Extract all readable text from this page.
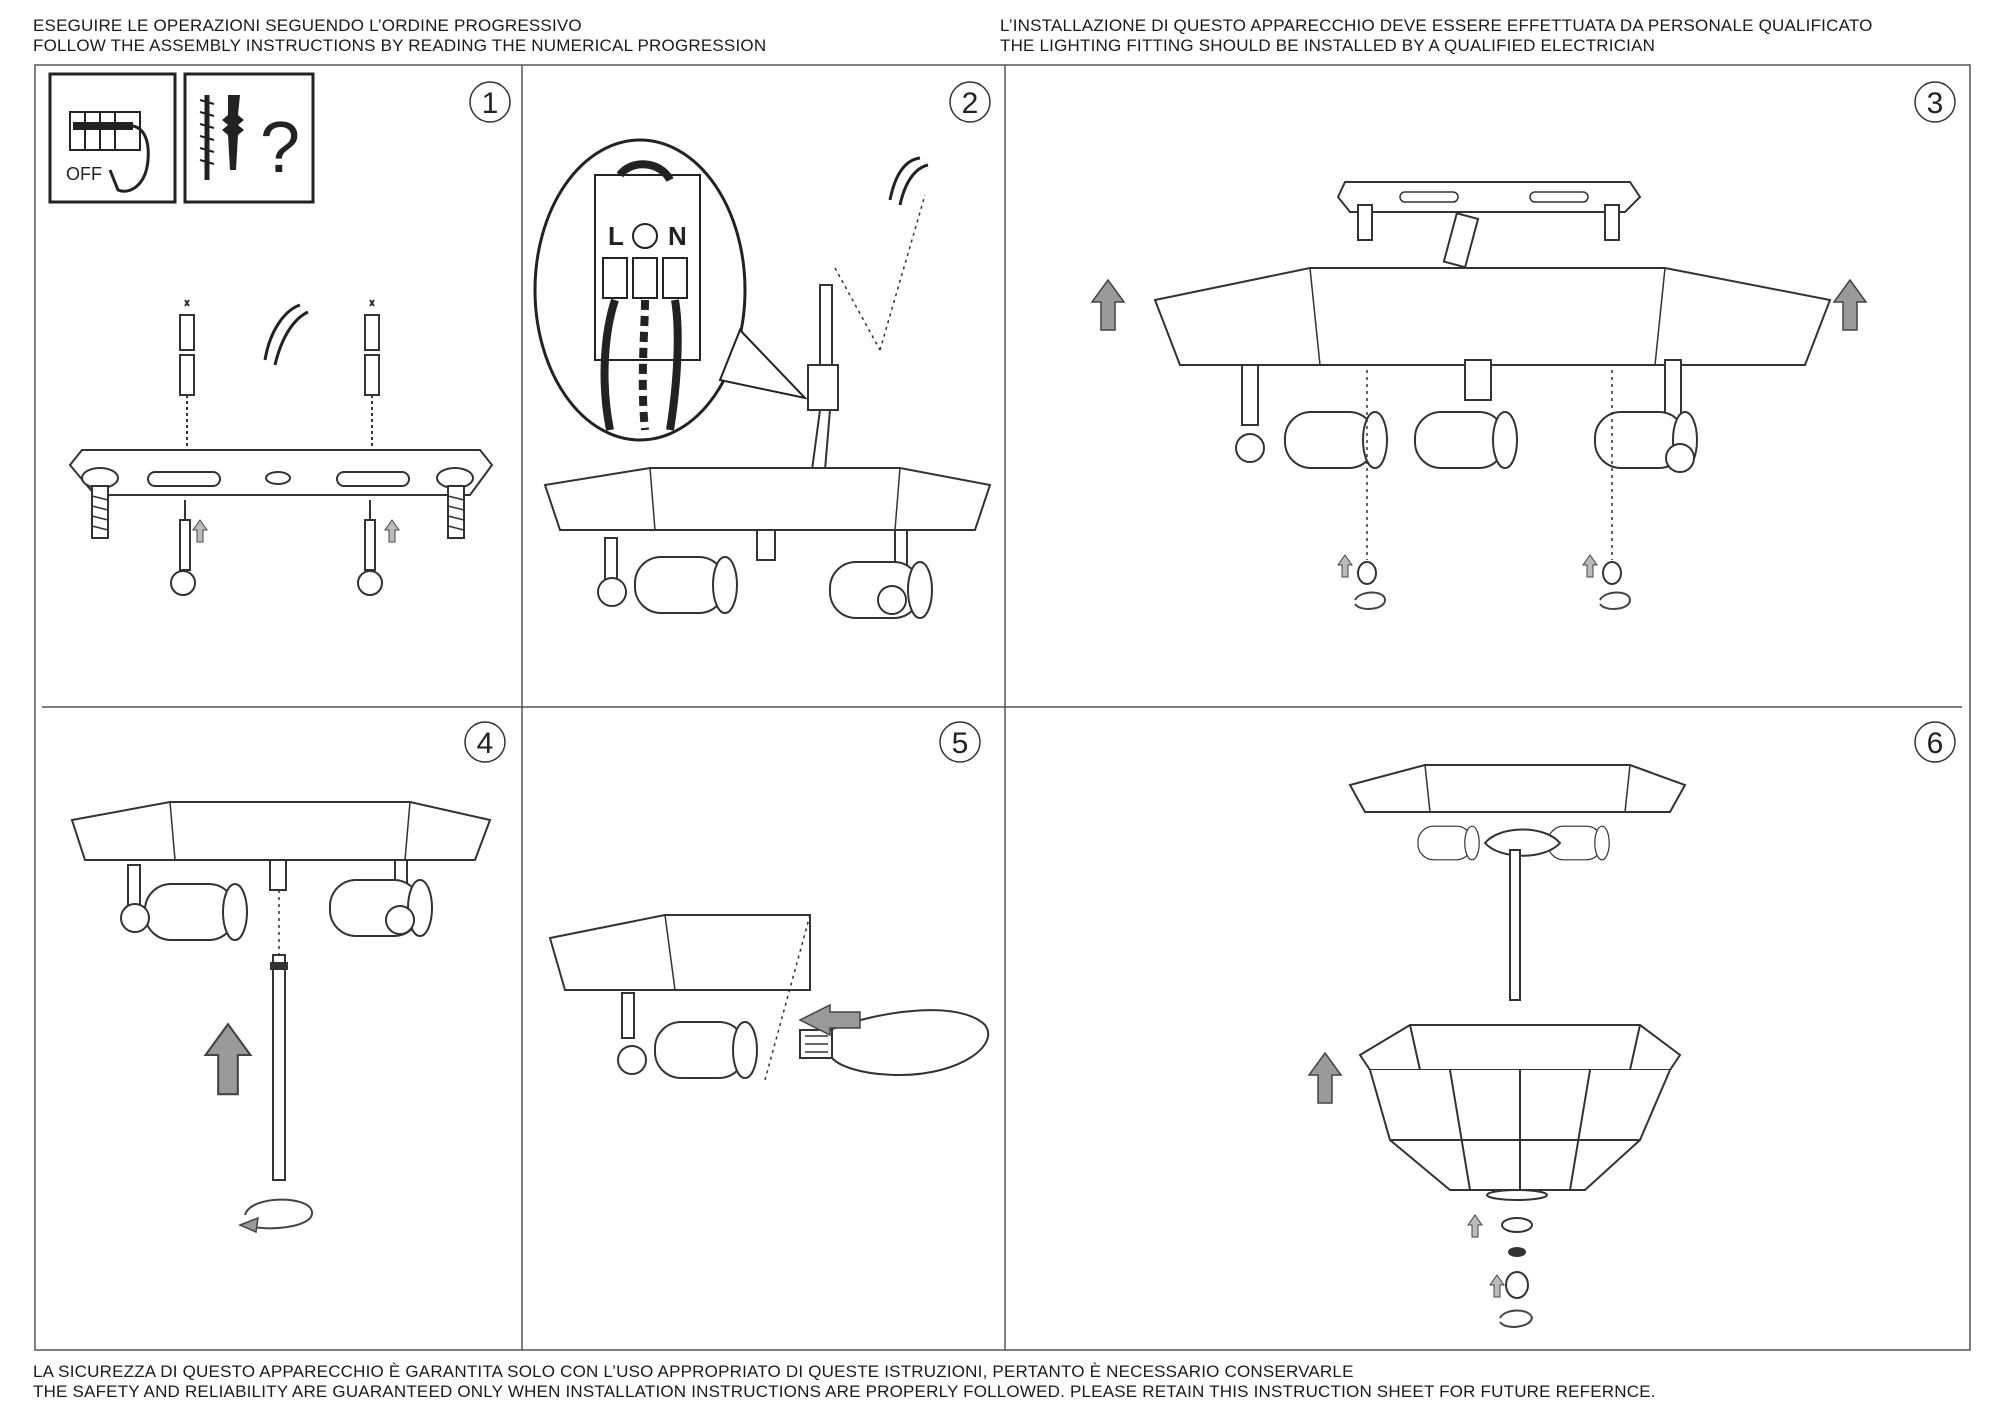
ESEGUIRE LE OPERAZIONI SEGUENDO L’ORDINE PROGRESSIVO
FOLLOW THE ASSEMBLY INSTRUCTIONS BY READING THE NUMERICAL PROGRESSION
L’INSTALLAZIONE DI QUESTO APPARECCHIO DEVE ESSERE EFFETTUATA DA PERSONALE QUALIFICATO
THE LIGHTING FITTING SHOULD BE INSTALLED BY A QUALIFIED ELECTRICIAN
1	2	3
4	5	6
OFF ?
L N
LA SICUREZZA DI QUESTO APPARECCHIO È GARANTITA SOLO CON L’USO APPROPRIATO DI QUESTE ISTRUZIONI, PERTANTO È NECESSARIO CONSERVARLE
THE SAFETY AND RELIABILITY ARE GUARANTEED ONLY WHEN INSTALLATION INSTRUCTIONS ARE PROPERLY FOLLOWED. PLEASE RETAIN THIS INSTRUCTION SHEET FOR FUTURE REFERNCE.
